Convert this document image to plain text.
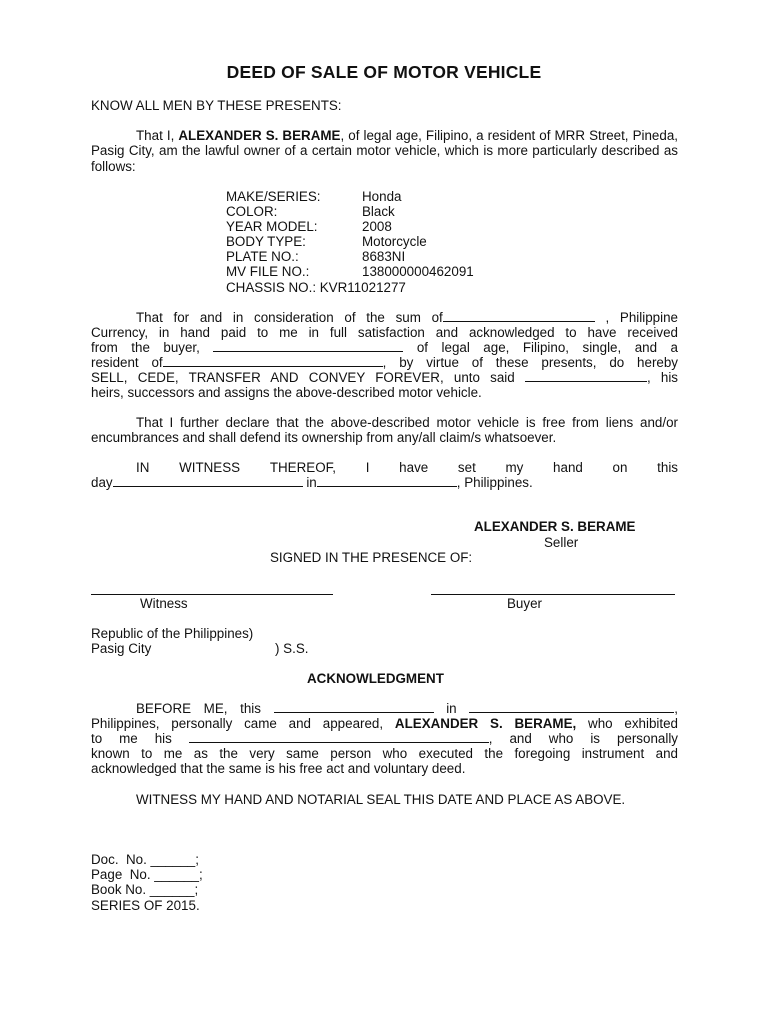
DEED OF SALE OF MOTOR VEHICLE
KNOW ALL MEN BY THESE PRESENTS:
That I, ALEXANDER S. BERAME, of legal age, Filipino, a resident of MRR Street, Pineda, Pasig City, am the lawful owner of a certain motor vehicle, which is more particularly described as follows:
MAKE/SERIES:	Honda
COLOR:	Black
YEAR MODEL:	2008
BODY TYPE:	Motorcycle
PLATE NO.:	8683NI
MV FILE NO.:	138000000462091
CHASSIS NO.: KVR11021277
That for and in consideration of the sum of	, Philippine
Currency, in hand paid to me in full satisfaction and acknowledged to have received
from the buyer,	of legal age, Filipino, single, and a
resident of	, by virtue of these presents, do hereby
SELL, CEDE, TRANSFER AND CONVEY FOREVER, unto said	, his
heirs, successors and assigns the above-described motor vehicle.
That I further declare that the above-described motor vehicle is free from liens and/or encumbrances and shall defend its ownership from any/all claim/s whatsoever.
IN    WITNESS    THEREOF,    I    have    set    my    hand    on    this
day	in	, Philippines.
ALEXANDER S. BERAME
Seller
SIGNED IN THE PRESENCE OF:
Witness	Buyer
Republic of the Philippines)
Pasig City	) S.S.
ACKNOWLEDGMENT
BEFORE ME, this	in	,
Philippines, personally came and appeared, ALEXANDER S. BERAME, who exhibited
to me his	, and who is personally
known to me as the very same person who executed the foregoing instrument and
acknowledged that the same is his free act and voluntary deed.
WITNESS MY HAND AND NOTARIAL SEAL THIS DATE AND PLACE AS ABOVE.
Doc.  No. ______;
Page  No. ______;
Book No. ______;
SERIES OF 2015.
